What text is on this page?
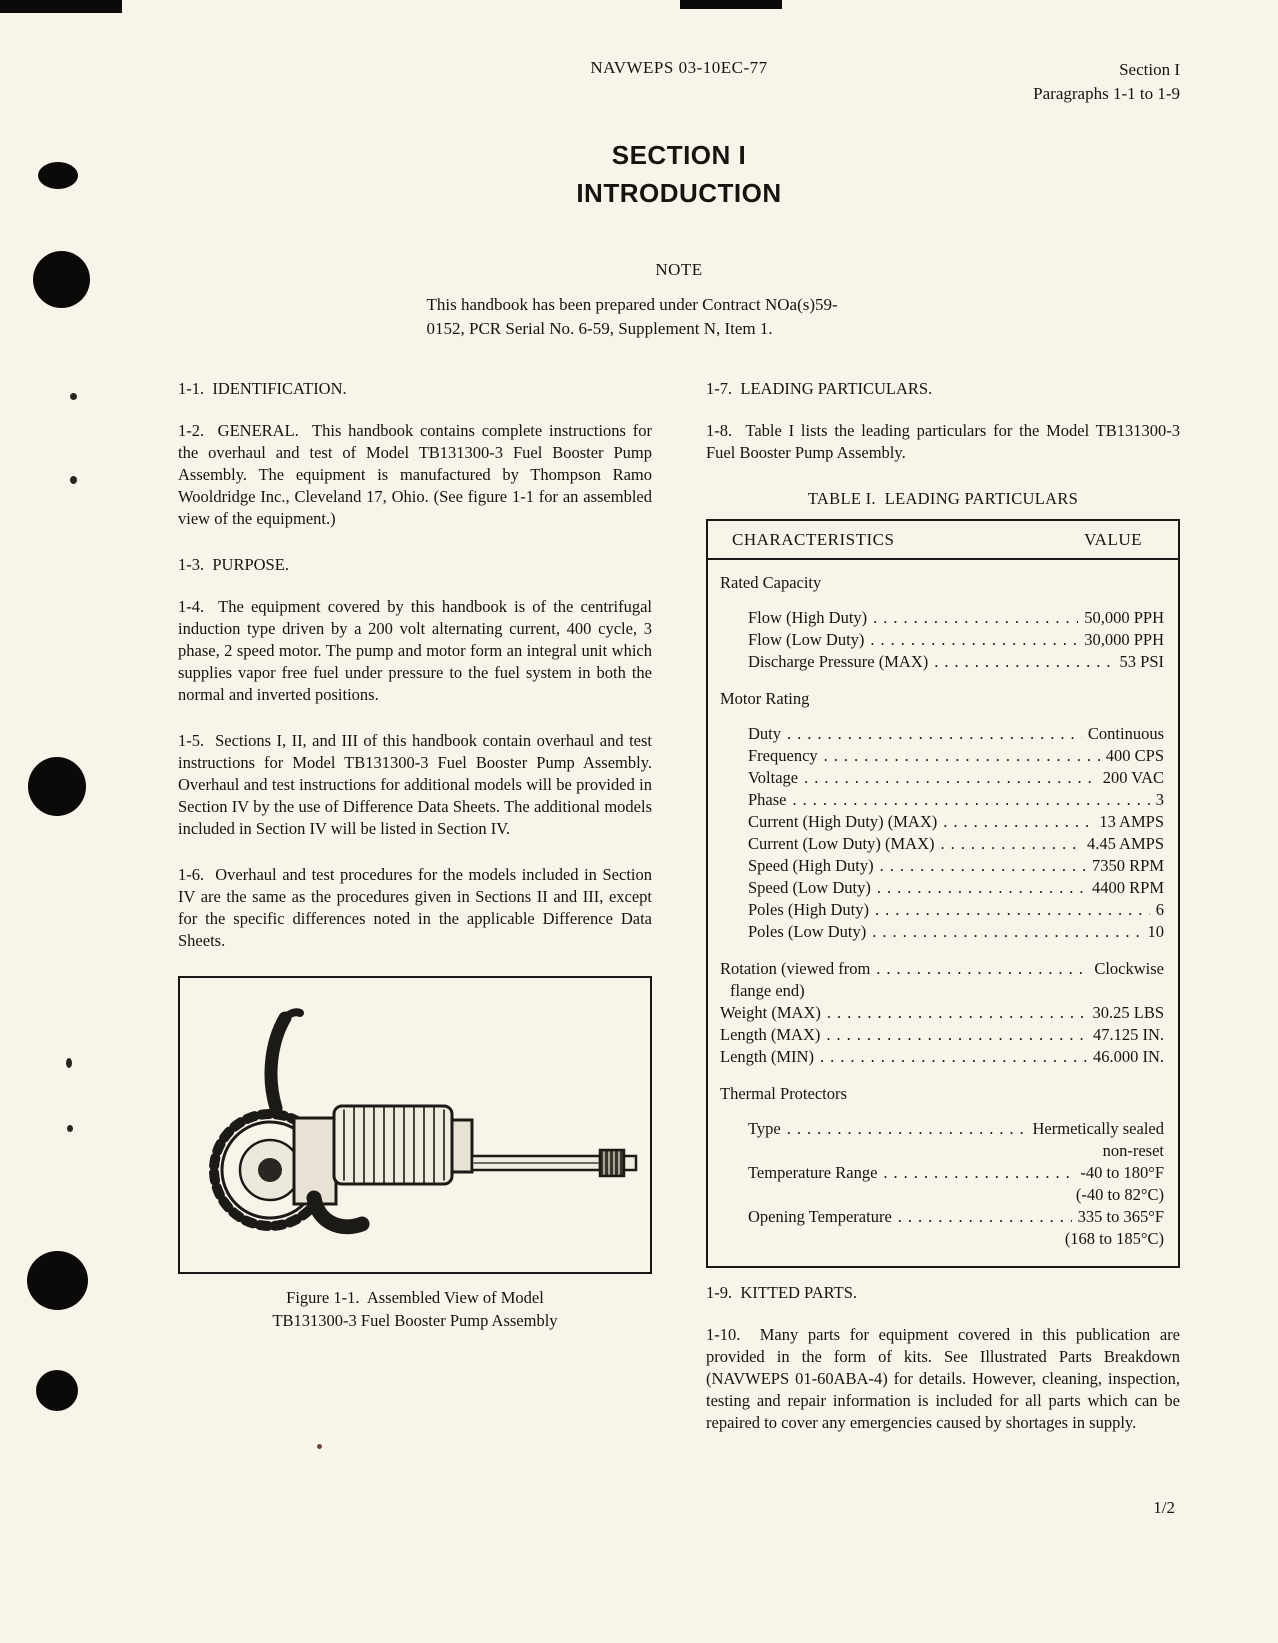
NAVWEPS 03-10EC-77	Section I
Paragraphs 1-1 to 1-9
SECTION I
INTRODUCTION
NOTE
This handbook has been prepared under Contract NOa(s)59-
0152, PCR Serial No. 6-59, Supplement N, Item 1.
1-1.  IDENTIFICATION.
1-2.  GENERAL.  This handbook contains complete instructions for the overhaul and test of Model TB131300-3 Fuel Booster Pump Assembly. The equipment is manufactured by Thompson Ramo Wooldridge Inc., Cleveland 17, Ohio. (See figure 1-1 for an assembled view of the equipment.)
1-3.  PURPOSE.
1-4.  The equipment covered by this handbook is of the centrifugal induction type driven by a 200 volt alternating current, 400 cycle, 3 phase, 2 speed motor. The pump and motor form an integral unit which supplies vapor free fuel under pressure to the fuel system in both the normal and inverted positions.
1-5.  Sections I, II, and III of this handbook contain overhaul and test instructions for Model TB131300-3 Fuel Booster Pump Assembly. Overhaul and test instructions for additional models will be provided in Section IV by the use of Difference Data Sheets. The additional models included in Section IV will be listed in Section IV.
1-6.  Overhaul and test procedures for the models included in Section IV are the same as the procedures given in Sections II and III, except for the specific differences noted in the applicable Difference Data Sheets.
Figure 1-1.  Assembled View of Model
TB131300-3 Fuel Booster Pump Assembly
1-7.  LEADING PARTICULARS.
1-8.  Table I lists the leading particulars for the Model TB131300-3 Fuel Booster Pump Assembly.
TABLE I.  LEADING PARTICULARS
CHARACTERISTICS	VALUE
Rated Capacity
Flow (High Duty) .....	50,000 PPH
Flow (Low Duty) .....	30,000 PPH
Discharge Pressure (MAX) .....	53 PSI
Motor Rating
Duty .....	Continuous
Frequency .....	400 CPS
Voltage .....	200 VAC
Phase .....	3
Current (High Duty) (MAX) .....	13 AMPS
Current (Low Duty) (MAX) .....	4.45 AMPS
Speed (High Duty) .....	7350 RPM
Speed (Low Duty) .....	4400 RPM
Poles (High Duty) .....	6
Poles (Low Duty) .....	10
Rotation (viewed from .....	Clockwise
flange end)
Weight (MAX) .....	30.25 LBS
Length (MAX) .....	47.125 IN.
Length (MIN) .....	46.000 IN.
Thermal Protectors
Type .....	Hermetically sealed
non-reset
Temperature Range .....	-40 to 180°F
(-40 to 82°C)
Opening Temperature .....	335 to 365°F
(168 to 185°C)
1-9.  KITTED PARTS.
1-10.  Many parts for equipment covered in this publication are provided in the form of kits. See Illustrated Parts Breakdown (NAVWEPS 01-60ABA-4) for details. However, cleaning, inspection, testing and repair information is included for all parts which can be repaired to cover any emergencies caused by shortages in supply.
1/2
